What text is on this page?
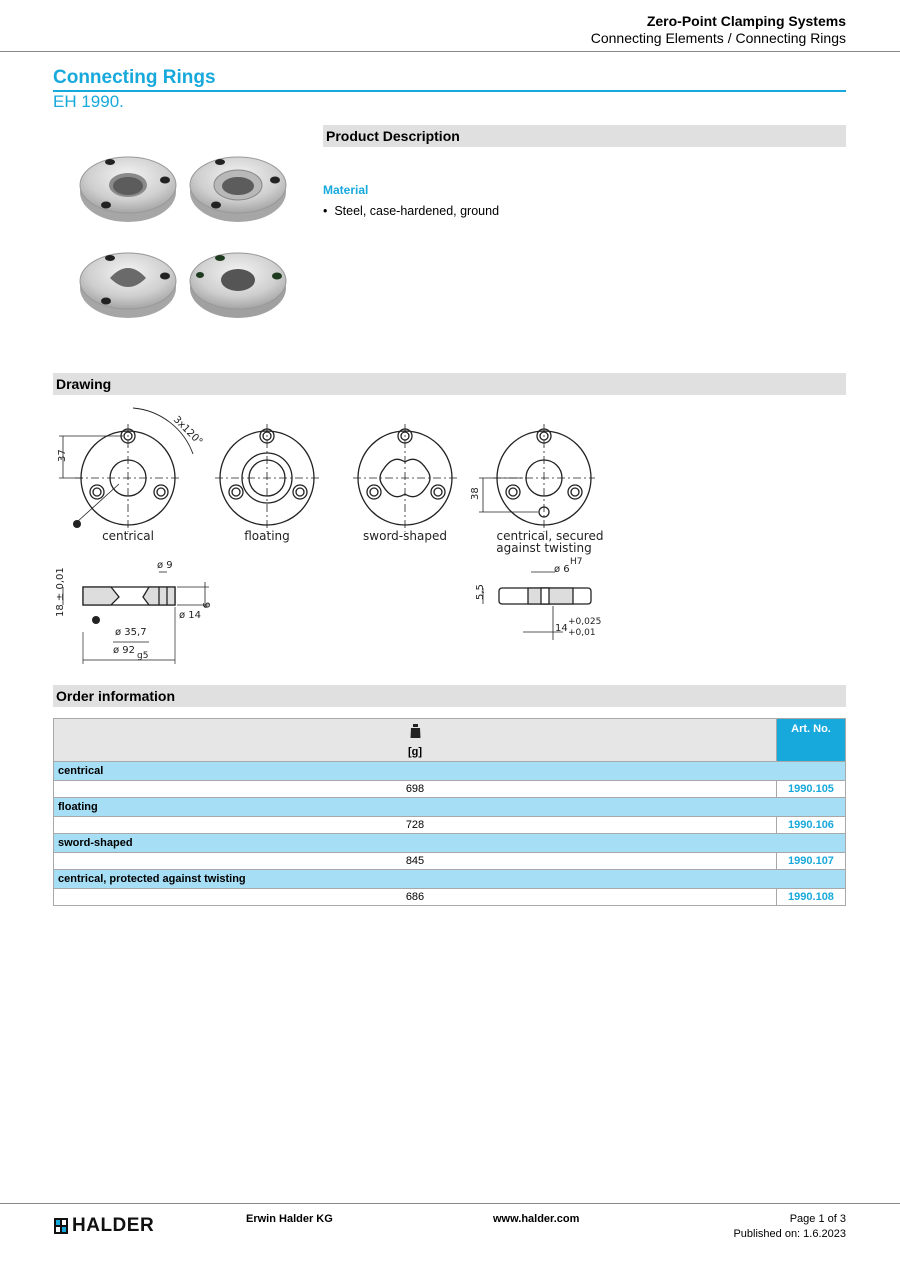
Zero-Point Clamping Systems
Connecting Elements / Connecting Rings
Connecting Rings
EH 1990.
Product Description
Material
•  Steel, case-hardened, ground
Drawing
centrical	floating	sword-shaped	centrical, secured
against twisting
3x120°
37
38
18 ± 0,01
ø 9
9
ø 14
ø 35,7
ø 92 g5
5,5
ø 6
H7
14
+0,025
+0,01
Order information
[g]	Art. No.
centrical	
698	1990.105
floating	
728	1990.106
sword-shaped	
845	1990.107
centrical, protected against twisting	
686	1990.108
HALDER	Erwin Halder KG	www.halder.com	Page 1 of 3
Published on: 1.6.2023
